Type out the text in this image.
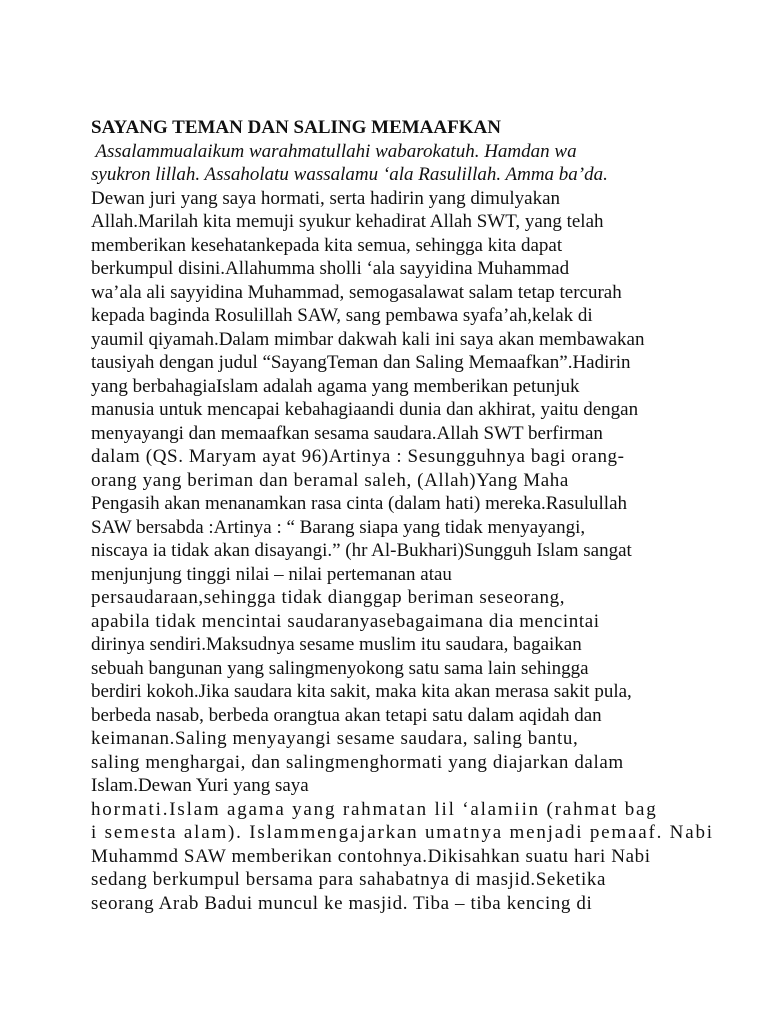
SAYANG TEMAN DAN SALING MEMAAFKAN
Assalammualaikum warahmatullahi wabarokatuh. Hamdan wa
syukron lillah. Assaholatu wassalamu ‘ala Rasulillah. Amma ba’da.
Dewan juri yang saya hormati, serta hadirin yang dimulyakan
Allah.Marilah kita memuji syukur kehadirat Allah SWT, yang telah
memberikan kesehatankepada kita semua, sehingga kita dapat
berkumpul disini.Allahumma sholli ‘ala sayyidina Muhammad
wa’ala ali sayyidina Muhammad, semogasalawat salam tetap tercurah
kepada baginda Rosulillah SAW, sang pembawa syafa’ah,kelak di
yaumil qiyamah.Dalam mimbar dakwah kali ini saya akan membawakan
tausiyah dengan judul “SayangTeman dan Saling Memaafkan”.Hadirin
yang berbahagiaIslam adalah agama yang memberikan petunjuk
manusia untuk mencapai kebahagiaandi dunia dan akhirat, yaitu dengan
menyayangi dan memaafkan sesama saudara.Allah SWT berfirman
dalam (QS. Maryam ayat 96)Artinya : Sesungguhnya bagi orang-
orang yang beriman dan beramal saleh, (Allah)Yang Maha
Pengasih akan menanamkan rasa cinta (dalam hati) mereka.Rasulullah
SAW bersabda :Artinya : “ Barang siapa yang tidak menyayangi,
niscaya ia tidak akan disayangi.” (hr Al-Bukhari)Sungguh Islam sangat
menjunjung tinggi nilai – nilai pertemanan atau
persaudaraan,sehingga tidak dianggap beriman seseorang,
apabila tidak mencintai saudaranyasebagaimana dia mencintai
dirinya sendiri.Maksudnya sesame muslim itu saudara, bagaikan
sebuah bangunan yang salingmenyokong satu sama lain sehingga
berdiri kokoh.Jika saudara kita sakit, maka kita akan merasa sakit pula,
berbeda nasab, berbeda orangtua akan tetapi satu dalam aqidah dan
keimanan.Saling menyayangi sesame saudara, saling bantu,
saling menghargai, dan salingmenghormati yang diajarkan dalam
Islam.Dewan Yuri yang saya
hormati.Islam agama yang rahmatan lil ‘alamiin (rahmat bag
i semesta alam). Islammengajarkan umatnya menjadi pemaaf. Nabi
Muhammd SAW memberikan contohnya.Dikisahkan suatu hari Nabi
sedang berkumpul bersama para sahabatnya di masjid.Seketika
seorang Arab Badui muncul ke masjid. Tiba – tiba kencing di
